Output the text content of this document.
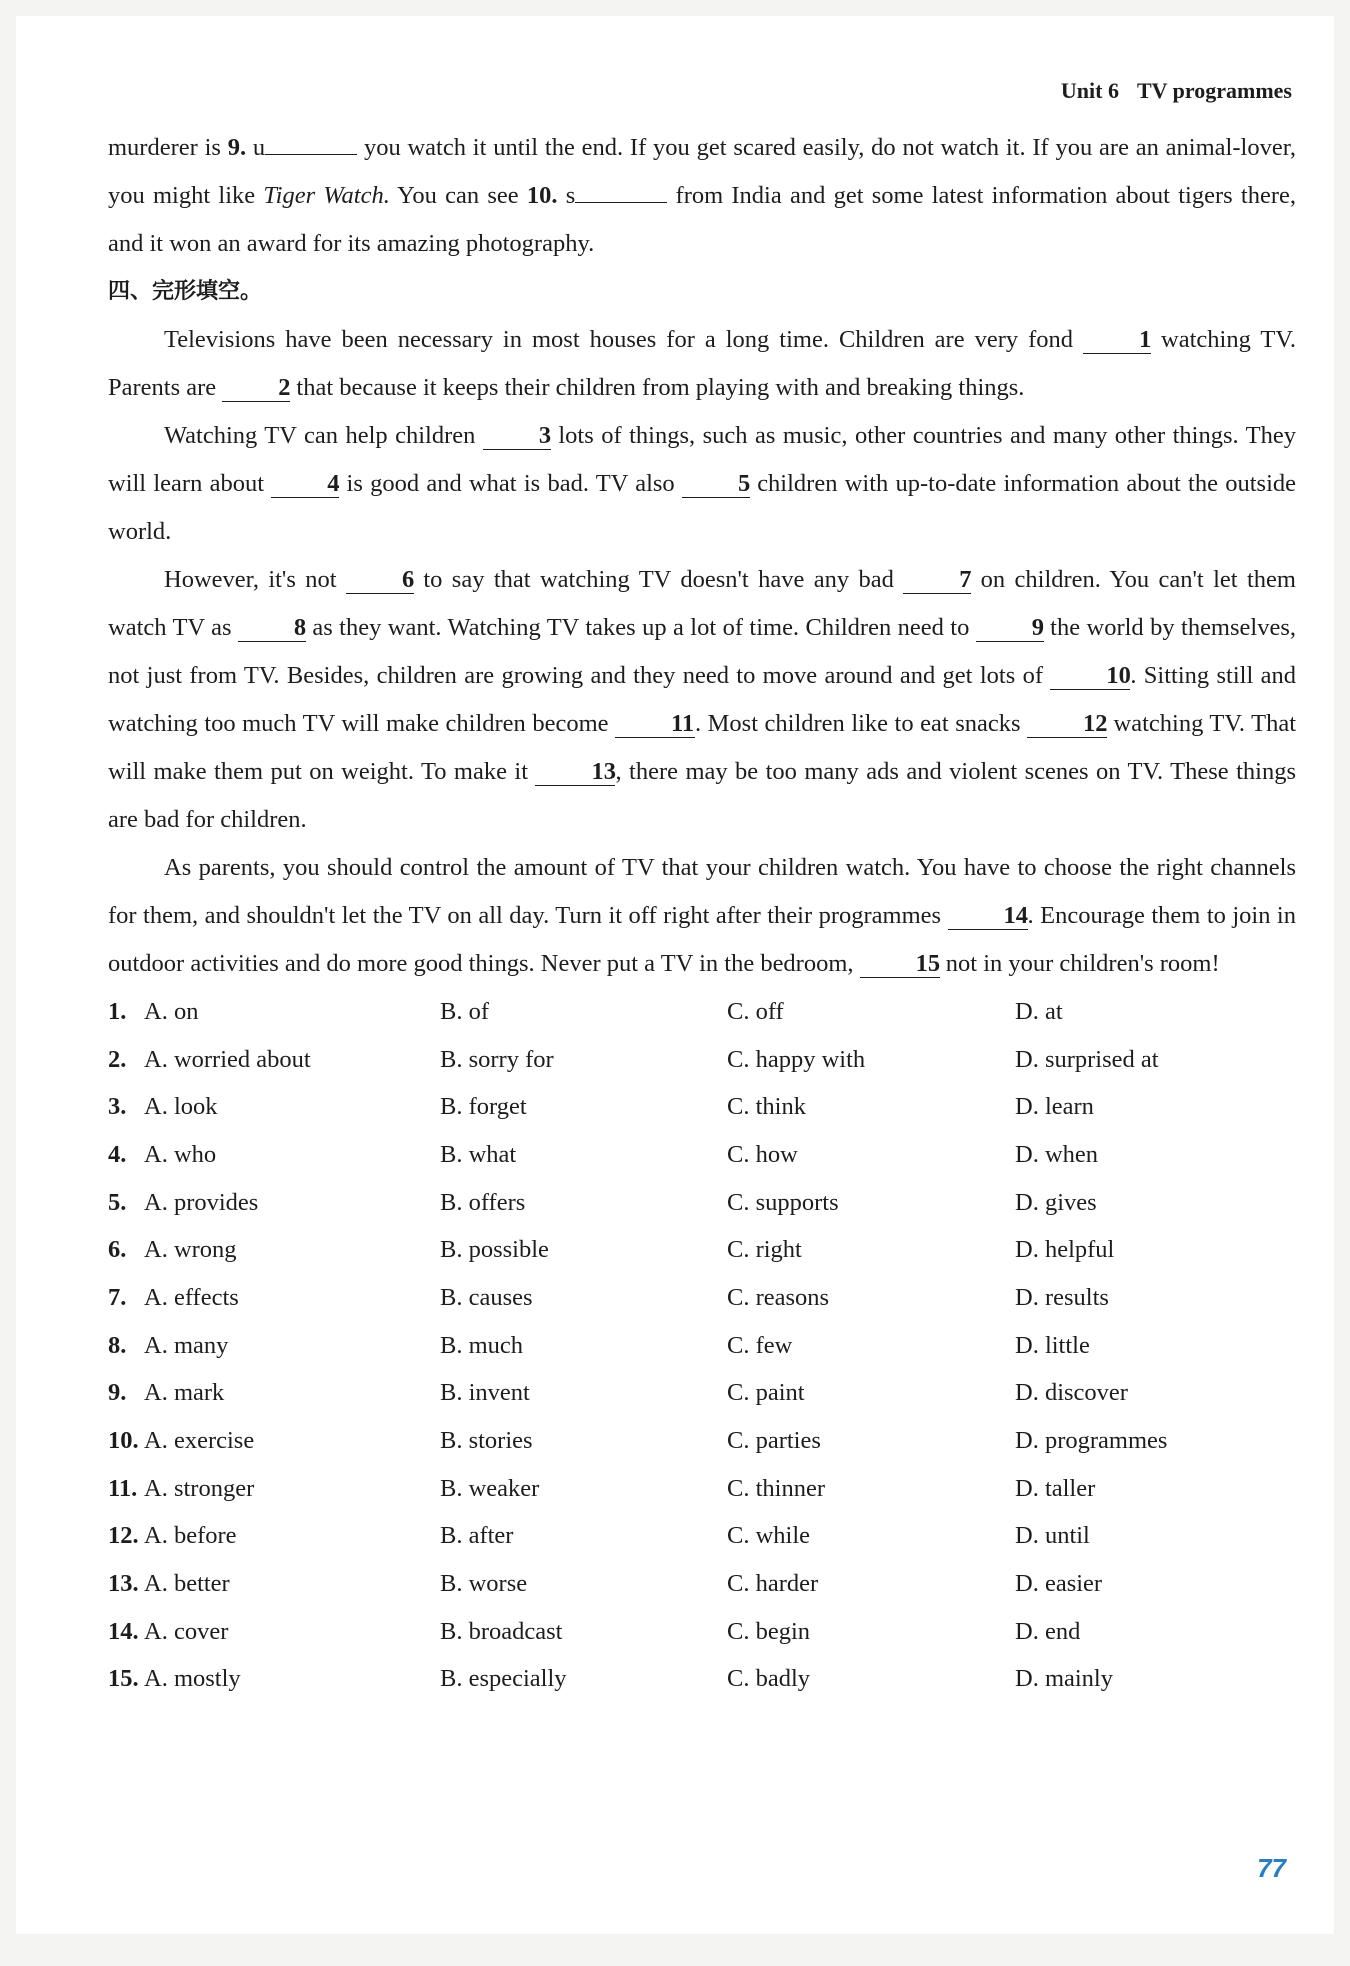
Unit 6 TV programmes

murderer is 9. u	you watch it until the end. If you get scared easily, do not watch it. If you are an animal-lover, you might like Tiger Watch. You can see 10. s	from India and get some latest information about tigers there, and it won an award for its amazing photography.

四、完形填空。

Televisions have been necessary in most houses for a long time. Children are very fond 1 watching TV. Parents are 2 that because it keeps their children from playing with and breaking things.

Watching TV can help children 3 lots of things, such as music, other countries and many other things. They will learn about 4 is good and what is bad. TV also 5 children with up-to-date information about the outside world.

However, it's not 6 to say that watching TV doesn't have any bad 7 on children. You can't let them watch TV as 8 as they want. Watching TV takes up a lot of time. Children need to 9 the world by themselves, not just from TV. Besides, children are growing and they need to move around and get lots of 10. Sitting still and watching too much TV will make children become 11. Most children like to eat snacks 12 watching TV. That will make them put on weight. To make it 13, there may be too many ads and violent scenes on TV. These things are bad for children.

As parents, you should control the amount of TV that your children watch. You have to choose the right channels for them, and shouldn't let the TV on all day. Turn it off right after their programmes 14. Encourage them to join in outdoor activities and do more good things. Never put a TV in the bedroom, 15 not in your children's room!

1. A. on	B. of	C. off	D. at
2. A. worried about	B. sorry for	C. happy with	D. surprised at
3. A. look	B. forget	C. think	D. learn
4. A. who	B. what	C. how	D. when
5. A. provides	B. offers	C. supports	D. gives
6. A. wrong	B. possible	C. right	D. helpful
7. A. effects	B. causes	C. reasons	D. results
8. A. many	B. much	C. few	D. little
9. A. mark	B. invent	C. paint	D. discover
10. A. exercise	B. stories	C. parties	D. programmes
11. A. stronger	B. weaker	C. thinner	D. taller
12. A. before	B. after	C. while	D. until
13. A. better	B. worse	C. harder	D. easier
14. A. cover	B. broadcast	C. begin	D. end
15. A. mostly	B. especially	C. badly	D. mainly
77
